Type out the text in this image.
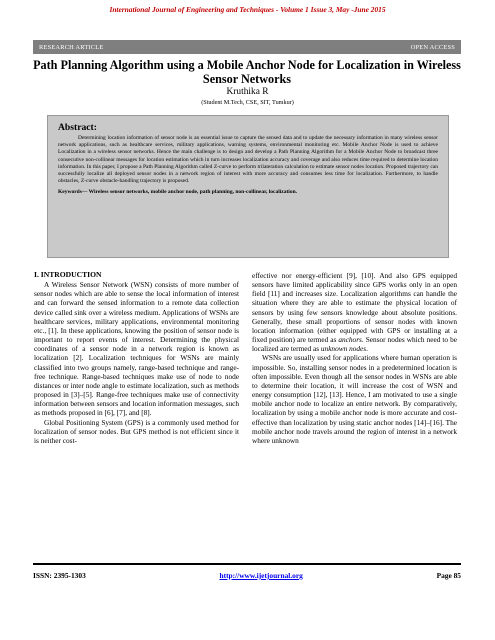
International Journal of Engineering and Techniques - Volume 1 Issue 3, May -June 2015
RESEARCH ARTICLE	OPEN ACCESS
Path Planning Algorithm using a Mobile Anchor Node for Localization in Wireless Sensor Networks
Kruthika R
(Student M.Tech, CSE, SIT, Tumkur)
Abstract:
Determining location information of sensor node is an essential issue to capture the sensed data and to update the necessary information in many wireless sensor network applications, such as healthcare services, military applications, warning systems, environmental monitoring etc. Mobile Anchor Node is used to achieve Localization in a wireless sensor networks. Hence the main challenge is to design and develop a Path Planning Algorithm for a Mobile Anchor Node to broadcast three consecutive non-collinear messages for location estimation which in turn increases localization accuracy and coverage and also reduces time required to determine location information. In this paper, I propose a Path Planning Algorithm called Z-curve to perform trilateration calculation to estimate sensor nodes location. Proposed trajectory can successfully localize all deployed sensor nodes in a network region of interest with more accuracy and consumes less time for localization. Furthermore, to handle obstacles, Z-curve obstacle-handling trajectory is proposed.
Keywords— Wireless sensor networks, mobile anchor node, path planning, non-collinear, localization.
I. INTRODUCTION

A Wireless Sensor Network (WSN) consists of more number of sensor nodes which are able to sense the local information of interest and can forward the sensed information to a remote data collection device called sink over a wireless medium. Applications of WSNs are healthcare services, military applications, environmental monitoring etc., [1]. In these applications, knowing the position of sensor node is important to report events of interest. Determining the physical coordinates of a sensor node in a network region is known as localization [2]. Localization techniques for WSNs are mainly classified into two groups namely, range-based technique and range-free technique. Range-based techniques make use of node to node distances or inter node angle to estimate localization, such as methods proposed in [3]–[5]. Range-free techniques make use of connectivity information between sensors and location information messages, such as methods proposed in [6], [7], and [8].

Global Positioning System (GPS) is a commonly used method for localization of sensor nodes. But GPS method is not efficient since it is neither cost-

effective nor energy-efficient [9], [10]. And also GPS equipped sensors have limited applicability since GPS works only in an open field [11] and increases size. Localization algorithms can handle the situation where they are able to estimate the physical location of sensors by using few sensors knowledge about absolute positions. Generally, these small proportions of sensor nodes with known location information (either equipped with GPS or installing at a fixed position) are termed as anchors. Sensor nodes which need to be localized are termed as unknown nodes.

WSNs are usually used for applications where human operation is impossible. So, installing sensor nodes in a predetermined location is often impossible. Even though all the sensor nodes in WSNs are able to determine their location, it will increase the cost of WSN and energy consumption [12], [13]. Hence, I am motivated to use a single mobile anchor node to localize an entire network. By comparatively, localization by using a mobile anchor node is more accurate and cost-effective than localization by using static anchor nodes [14]–[16]. The mobile anchor node travels around the region of interest in a network where unknown

ISSN: 2395-1303	http://www.ijetjournal.org	Page 85
